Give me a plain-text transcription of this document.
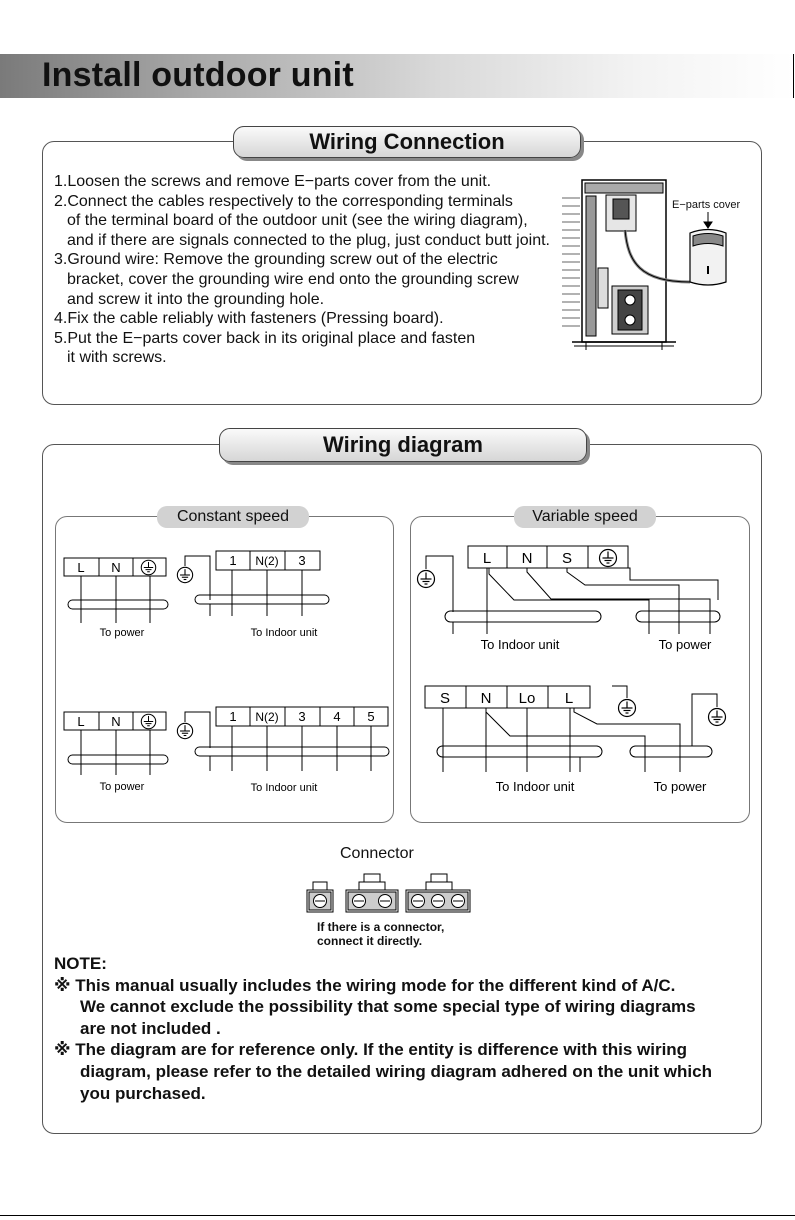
Install outdoor unit
Wiring Connection
1.Loosen the screws and remove E−parts cover from the unit.
2.Connect the cables respectively to the corresponding terminals
of the terminal board of the outdoor unit (see the wiring diagram),
and if there are signals connected to the plug, just conduct butt joint.
3.Ground wire: Remove the grounding screw out of the electric
bracket, cover the grounding wire end onto the grounding screw
and screw it into the grounding hole.
4.Fix the cable reliably with fasteners (Pressing board).
5.Put the E−parts cover back in its original place and fasten
it with screws.
Wiring diagram
Constant speed	Variable speed
E−parts cover
L N	1 N(2) 3
To power	To Indoor unit
L N	1 N(2) 3 4 5
To power	To Indoor unit
L N S
To Indoor unit	To power
S N Lo L
To Indoor unit	To power
Connector
If there is a connector,
connect it directly.
NOTE:
※ This manual usually includes the wiring mode for the different kind of A/C.
We cannot exclude the possibility that some special type of wiring diagrams
are not included .
※ The diagram are for reference only. If the entity is difference with this wiring
diagram, please refer to the detailed wiring diagram adhered on the unit which
you purchased.
